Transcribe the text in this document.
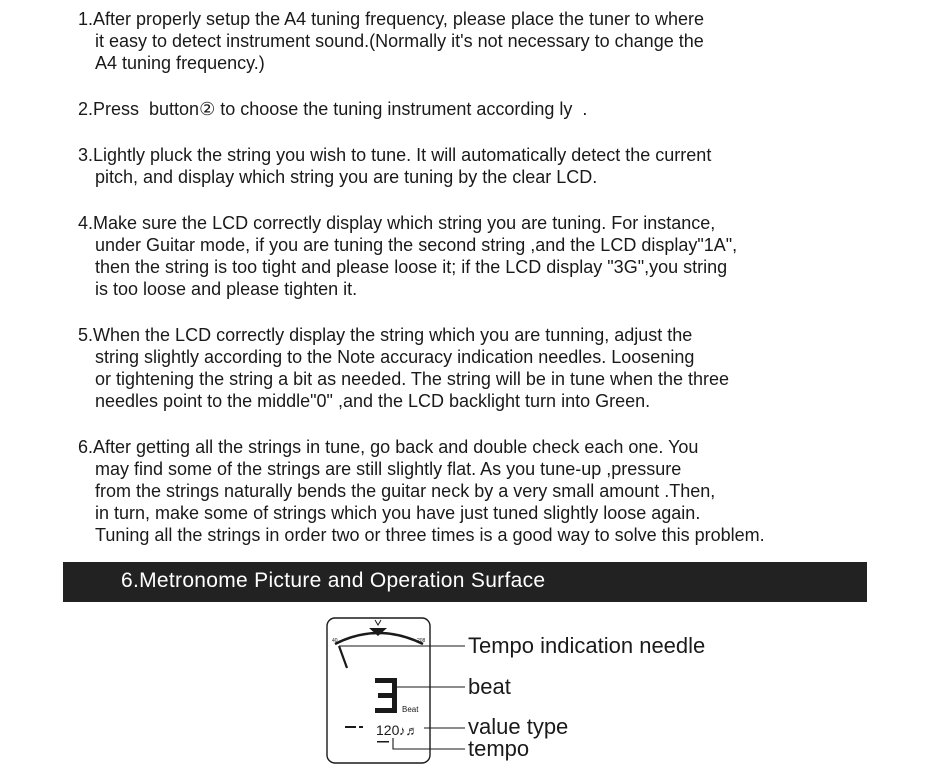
1.After properly setup the A4 tuning frequency, please place the tuner to where
it easy to detect instrument sound.(Normally it's not necessary to change the
A4 tuning frequency.)
2.Press  button② to choose the tuning instrument according ly  .
3.Lightly pluck the string you wish to tune. It will automatically detect the current
pitch, and display which string you are tuning by the clear LCD.
4.Make sure the LCD correctly display which string you are tuning. For instance,
under Guitar mode, if you are tuning the second string ,and the LCD display"1A",
then the string is too tight and please loose it; if the LCD display "3G",you string
is too loose and please tighten it.
5.When the LCD correctly display the string which you are tunning, adjust the
string slightly according to the Note accuracy indication needles. Loosening
or tightening the string a bit as needed. The string will be in tune when the three
needles point to the middle"0" ,and the LCD backlight turn into Green.
6.After getting all the strings in tune, go back and double check each one. You
may find some of the strings are still slightly flat. As you tune-up ,pressure
from the strings naturally bends the guitar neck by a very small amount .Then,
in turn, make some of strings which you have just tuned slightly loose again.
Tuning all the strings in order two or three times is a good way to solve this problem.
6.Metronome Picture and Operation Surface
40	208
Beat
120 ♪♬
Tempo indication needle
beat
value type
tempo
